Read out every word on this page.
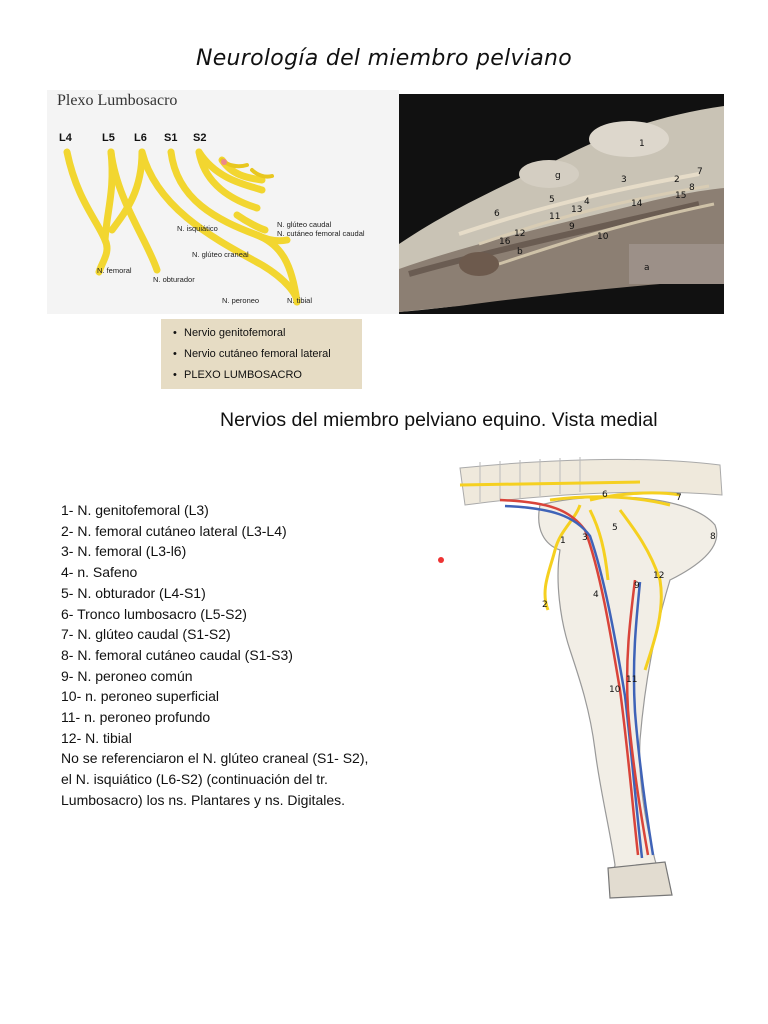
Neurología del miembro pelviano
Plexo Lumbosacro
L4	L5 L6 S1 S2
N. isquiático	N. glúteo caudal
N. cutáneo femoral caudal
N. glúteo craneal
N. femoral
N. obturador
N. peroneo	N. tibial
1
2
3
4
5
6
7
8
9
10
11
12
13
14
15
16
a
b
g
• Nervio genitofemoral
• Nervio cutáneo femoral lateral
• PLEXO LUMBOSACRO
Nervios del miembro pelviano equino. Vista medial
1- N. genitofemoral (L3)
2- N. femoral cutáneo lateral (L3-L4)
3- N. femoral (L3-l6)
4- n. Safeno
5- N. obturador (L4-S1)
6- Tronco lumbosacro (L5-S2)
7- N. glúteo caudal (S1-S2)
8- N. femoral cutáneo caudal (S1-S3)
9- N. peroneo común
10- n. peroneo superficial
11- n. peroneo profundo
12- N. tibial
No se referenciaron el N. glúteo craneal (S1- S2),
el N. isquiático (L6-S2) (continuación del tr.
Lumbosacro) los ns. Plantares y ns. Digitales.
1
2
3
4
5
6	7
8
9
10
11
12
